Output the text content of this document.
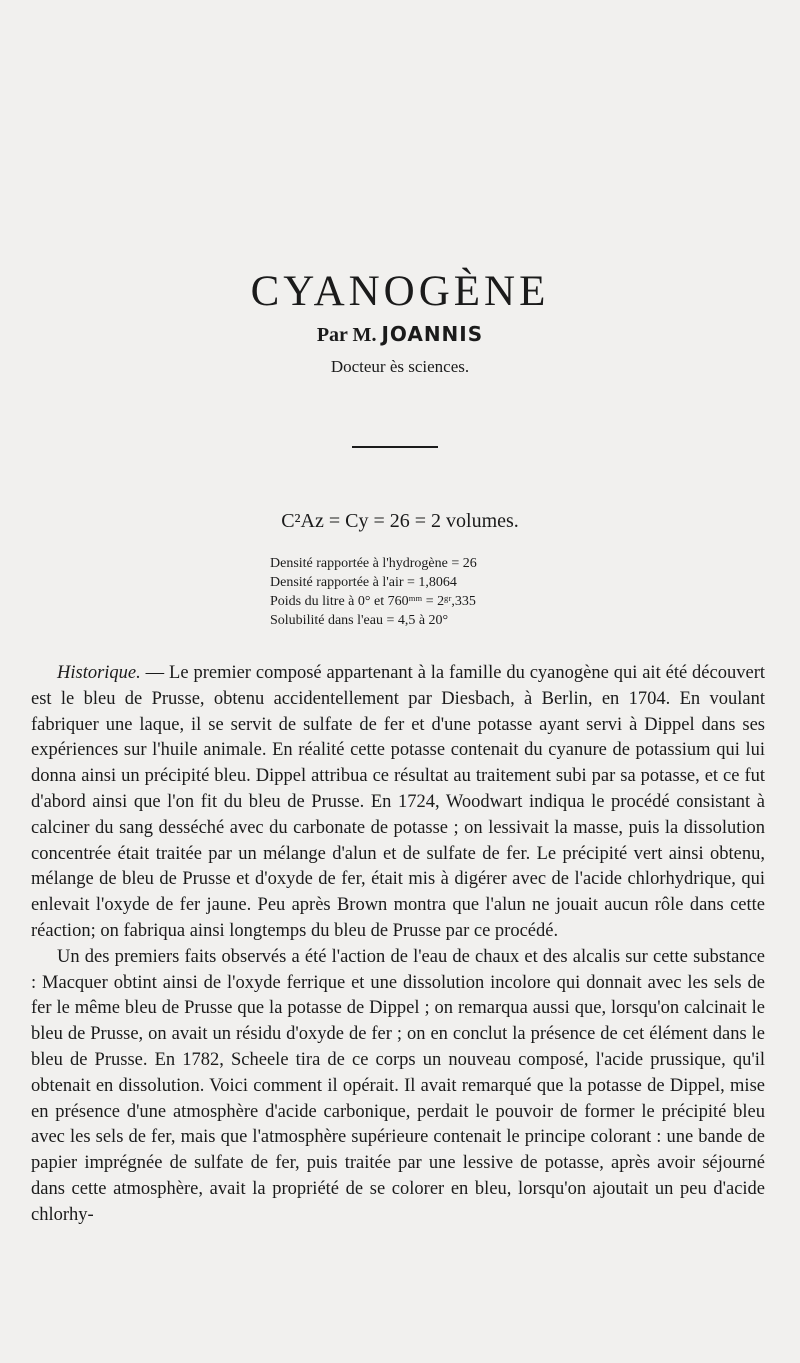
CYANOGÈNE
Par M. JOANNIS
Docteur ès sciences.
C²Az = Cy = 26 = 2 volumes.
Densité rapportée à l'hydrogène = 26
Densité rapportée à l'air = 1,8064
Poids du litre à 0° et 760ᵐᵐ = 2ᵍʳ,335
Solubilité dans l'eau = 4,5 à 20°

Historique. — Le premier composé appartenant à la famille du cyanogène qui ait été découvert est le bleu de Prusse, obtenu accidentellement par Diesbach, à Berlin, en 1704. En voulant fabriquer une laque, il se servit de sulfate de fer et d'une potasse ayant servi à Dippel dans ses expériences sur l'huile animale. En réalité cette potasse contenait du cyanure de potassium qui lui donna ainsi un précipité bleu. Dippel attribua ce résultat au traitement subi par sa potasse, et ce fut d'abord ainsi que l'on fit du bleu de Prusse. En 1724, Woodwart indiqua le procédé consistant à calciner du sang desséché avec du carbonate de potasse ; on lessivait la masse, puis la dissolution concentrée était traitée par un mélange d'alun et de sulfate de fer. Le précipité vert ainsi obtenu, mélange de bleu de Prusse et d'oxyde de fer, était mis à digérer avec de l'acide chlorhydrique, qui enlevait l'oxyde de fer jaune. Peu après Brown montra que l'alun ne jouait aucun rôle dans cette réaction; on fabriqua ainsi longtemps du bleu de Prusse par ce procédé.

Un des premiers faits observés a été l'action de l'eau de chaux et des alcalis sur cette substance : Macquer obtint ainsi de l'oxyde ferrique et une dissolution incolore qui donnait avec les sels de fer le même bleu de Prusse que la potasse de Dippel ; on remarqua aussi que, lorsqu'on calcinait le bleu de Prusse, on avait un résidu d'oxyde de fer ; on en conclut la présence de cet élément dans le bleu de Prusse. En 1782, Scheele tira de ce corps un nouveau composé, l'acide prussique, qu'il obtenait en dissolution. Voici comment il opérait. Il avait remarqué que la potasse de Dippel, mise en présence d'une atmosphère d'acide carbonique, perdait le pouvoir de former le précipité bleu avec les sels de fer, mais que l'atmosphère supérieure contenait le principe colorant : une bande de papier imprégnée de sulfate de fer, puis traitée par une lessive de potasse, après avoir séjourné dans cette atmosphère, avait la propriété de se colorer en bleu, lorsqu'on ajoutait un peu d'acide chlorhy-
